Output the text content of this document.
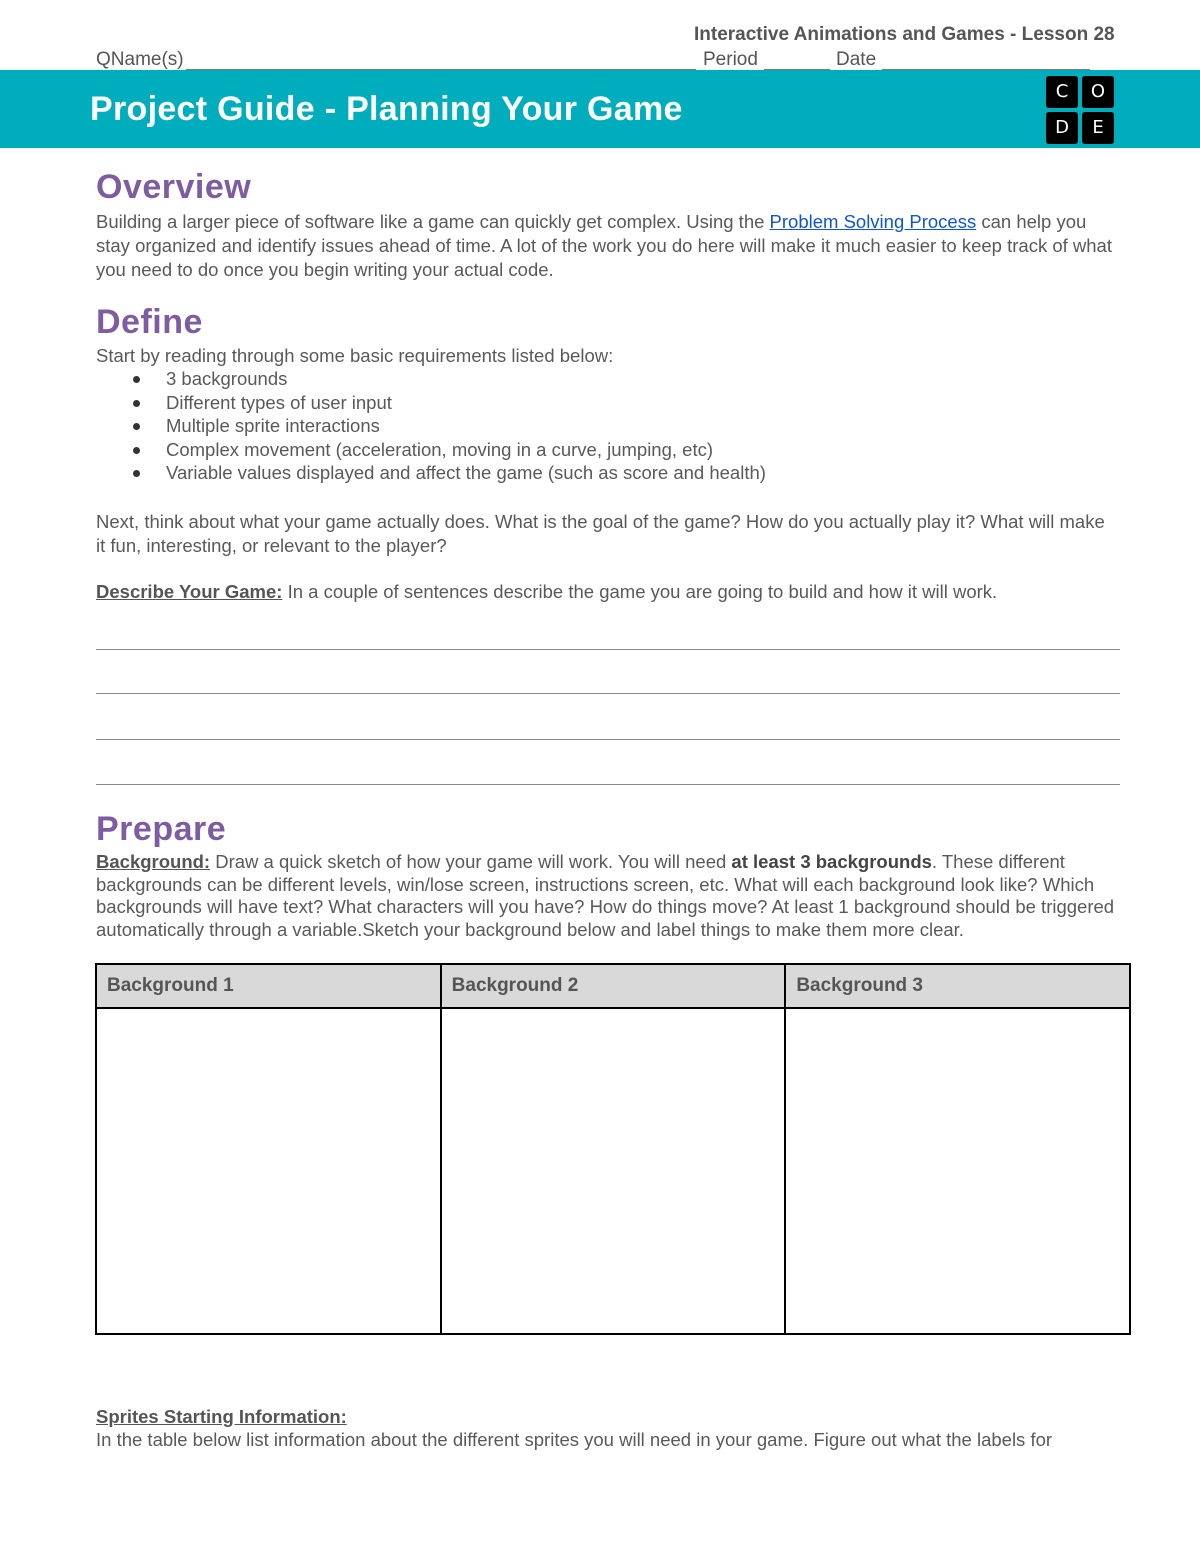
Interactive Animations and Games - Lesson 28
QName(s)	Period	Date
Project Guide - Planning Your Game	C	O
D	E
Overview
Building a larger piece of software like a game can quickly get complex. Using the Problem Solving Process can help you stay organized and identify issues ahead of time. A lot of the work you do here will make it much easier to keep track of what you need to do once you begin writing your actual code.
Define
Start by reading through some basic requirements listed below:
3 backgrounds
Different types of user input
Multiple sprite interactions
Complex movement (acceleration, moving in a curve, jumping, etc)
Variable values displayed and affect the game (such as score and health)
Next, think about what your game actually does. What is the goal of the game? How do you actually play it? What will make it fun, interesting, or relevant to the player?
Describe Your Game: In a couple of sentences describe the game you are going to build and how it will work.
Prepare
Background: Draw a quick sketch of how your game will work. You will need at least 3 backgrounds. These different backgrounds can be different levels, win/lose screen, instructions screen, etc. What will each background look like? Which backgrounds will have text? What characters will you have? How do things move? At least 1 background should be triggered automatically through a variable.Sketch your background below and label things to make them more clear.
Background 1	Background 2	Background 3

Sprites Starting Information:
In the table below list information about the different sprites you will need in your game. Figure out what the labels for
